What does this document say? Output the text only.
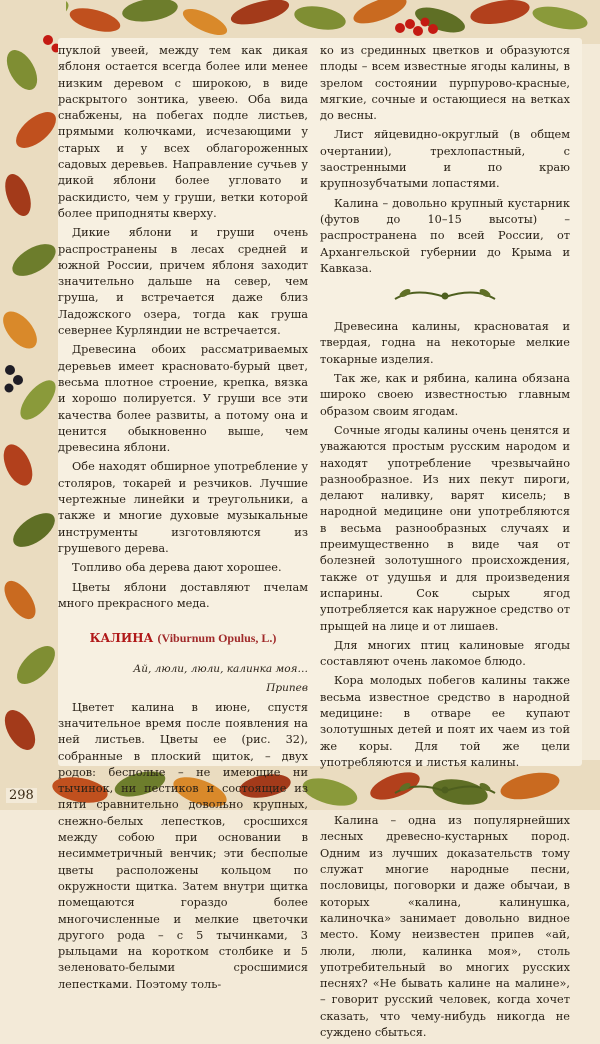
пуклой увеей, между тем как дикая яблоня остается всегда более или менее низким деревом с широкою, в виде раскрытого зонтика, увеею. Оба вида снабжены, на побегах подле листьев, прямыми колючками, исчезающими у старых и у всех облагороженных садовых деревьев. Направление сучьев у дикой яблони более угловато и раскидисто, чем у груши, ветки которой более приподняты кверху.

Дикие яблони и груши очень распространены в лесах средней и южной России, причем яблоня заходит значительно дальше на север, чем груша, и встречается даже близ Ладожского озера, тогда как груша севернее Курляндии не встречается.

Древесина обоих рассматриваемых деревьев имеет красновато-бурый цвет, весьма плотное строение, крепка, вязка и хорошо полируется. У груши все эти качества более развиты, а потому она и ценится обыкновенно выше, чем древесина яблони.

Обе находят обширное употребление у столяров, токарей и резчиков. Лучшие чертежные линейки и треугольники, а также и многие духовые музыкальные инструменты изготовляются из грушевого дерева.

Топливо оба дерева дают хорошее.

Цветы яблони доставляют пчелам много прекрасного меда.

КАЛИНА (Viburnum Opulus, L.)

Ай, люли, люли, калинка моя…

Припев

Цветет калина в июне, спустя значительное время после появления на ней листьев. Цветы ее (рис. 32), собранные в плоский щиток, – двух родов: бесполые – не имеющие ни тычинок, ни пестиков и состоящие из пяти сравнительно довольно крупных, снежно-белых лепестков, сросшихся между собою при основании в несимметричный венчик; эти бесполые цветы расположены кольцом по окружности щитка. Затем внутри щитка помещаются гораздо более многочисленные и мелкие цветочки другого рода – с 5 тычинками, 3 рыльцами на коротком столбике и 5 зеленовато-белыми сросшимися лепестками. Поэтому толь-

ко из срединных цветков и образуются плоды – всем известные ягоды калины, в зрелом состоянии пурпурово-красные, мягкие, сочные и остающиеся на ветках до весны.

Лист яйцевидно-округлый (в общем очертании), трехлопастный, с заостренными и по краю крупнозубчатыми лопастями.

Калина – довольно крупный кустарник (футов до 10–15 высоты) – распространена по всей России, от Архангельской губернии до Крыма и Кавказа.

Древесина калины, красноватая и твердая, годна на некоторые мелкие токарные изделия.

Так же, как и рябина, калина обязана широко своею известностью главным образом своим ягодам.

Сочные ягоды калины очень ценятся и уважаются простым русским народом и находят употребление чрезвычайно разнообразное. Из них пекут пироги, делают наливку, варят кисель; в народной медицине они употребляются в весьма разнообразных случаях и преимущественно в виде чая от болезней золотушного происхождения, также от удушья и для произведения испарины. Сок сырых ягод употребляется как наружное средство от прыщей на лице и от лишаев.

Для многих птиц калиновые ягоды составляют очень лакомое блюдо.

Кора молодых побегов калины также весьма известное средство в народной медицине: в отваре ее купают золотушных детей и поят их чаем из той же коры. Для той же цели употребляются и листья калины.

Калина – одна из популярнейших лесных древесно-кустарных пород. Одним из лучших доказательств тому служат многие народные песни, пословицы, поговорки и даже обычаи, в которых «калина, калинушка, калиночка» занимает довольно видное место. Кому неизвестен припев «ай, люли, люли, калинка моя», столь употребительный во многих русских песнях? «Не бывать калине на малине», – говорит русский человек, когда хочет сказать, что чему-нибудь никогда не суждено сбыться.

298
